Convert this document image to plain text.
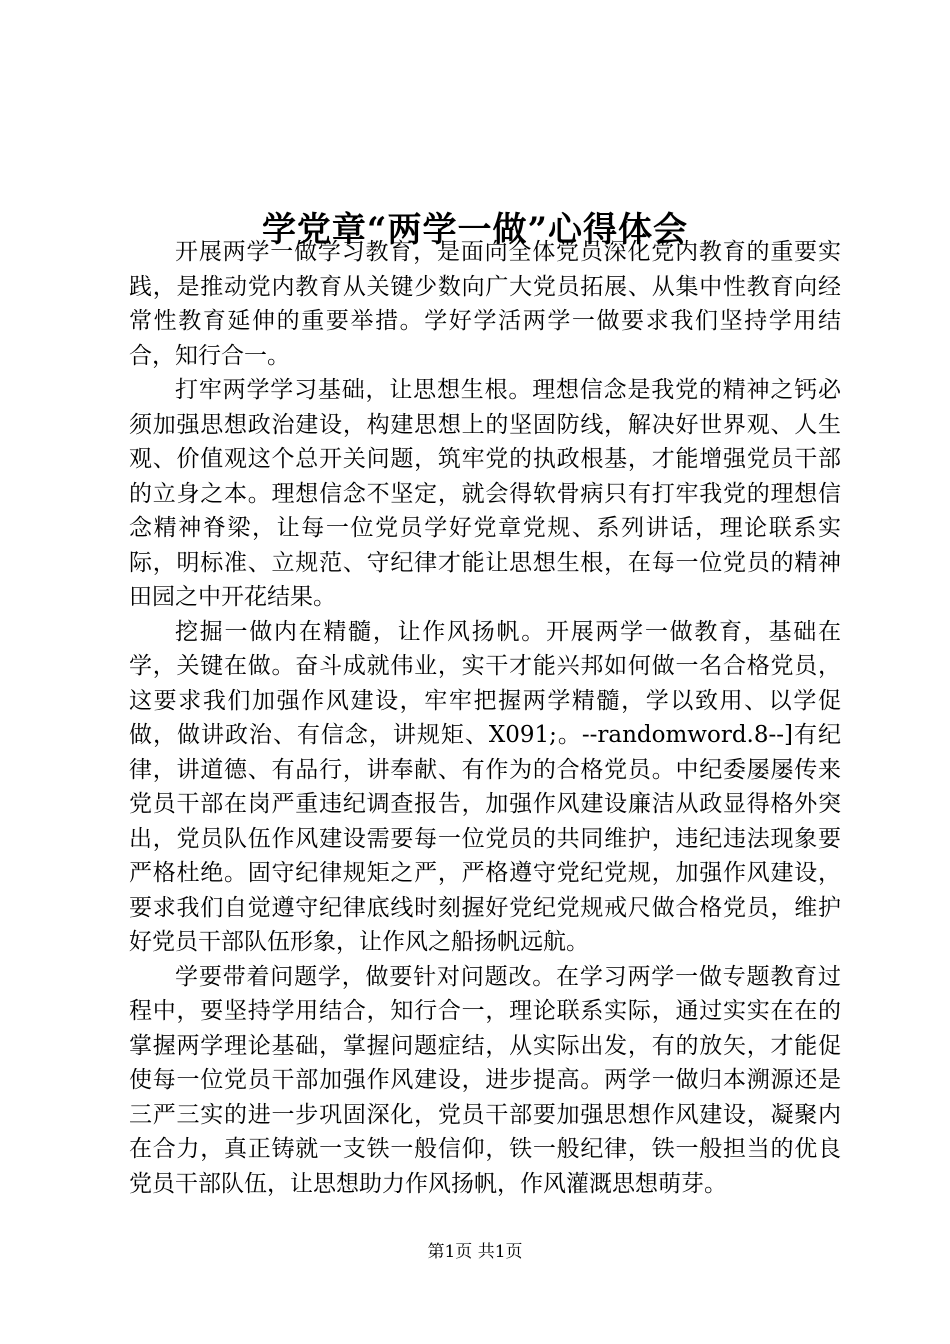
学党章“两学一做”心得体会

开展两学一做学习教育，是面向全体党员深化党内教育的重要实践，是推动党内教育从关键少数向广大党员拓展、从集中性教育向经常性教育延伸的重要举措。学好学活两学一做要求我们坚持学用结合，知行合一。

打牢两学学习基础，让思想生根。理想信念是我党的精神之钙必须加强思想政治建设，构建思想上的坚固防线，解决好世界观、人生观、价值观这个总开关问题，筑牢党的执政根基，才能增强党员干部的立身之本。理想信念不坚定，就会得软骨病只有打牢我党的理想信念精神脊梁，让每一位党员学好党章党规、系列讲话，理论联系实际，明标准、立规范、守纪律才能让思想生根，在每一位党员的精神田园之中开花结果。

挖掘一做内在精髓，让作风扬帆。开展两学一做教育，基础在学，关键在做。奋斗成就伟业，实干才能兴邦如何做一名合格党员，这要求我们加强作风建设，牢牢把握两学精髓，学以致用、以学促做，做讲政治、有信念，讲规矩、X091;。--randomword.8--]有纪律，讲道德、有品行，讲奉献、有作为的合格党员。中纪委屡屡传来党员干部在岗严重违纪调查报告，加强作风建设廉洁从政显得格外突出，党员队伍作风建设需要每一位党员的共同维护，违纪违法现象要严格杜绝。固守纪律规矩之严，严格遵守党纪党规，加强作风建设，要求我们自觉遵守纪律底线时刻握好党纪党规戒尺做合格党员，维护好党员干部队伍形象，让作风之船扬帆远航。

学要带着问题学，做要针对问题改。在学习两学一做专题教育过程中，要坚持学用结合，知行合一，理论联系实际，通过实实在在的掌握两学理论基础，掌握问题症结，从实际出发，有的放矢，才能促使每一位党员干部加强作风建设，进步提高。两学一做归本溯源还是三严三实的进一步巩固深化，党员干部要加强思想作风建设，凝聚内在合力，真正铸就一支铁一般信仰，铁一般纪律，铁一般担当的优良党员干部队伍，让思想助力作风扬帆，作风灌溉思想萌芽。

第1页 共1页
